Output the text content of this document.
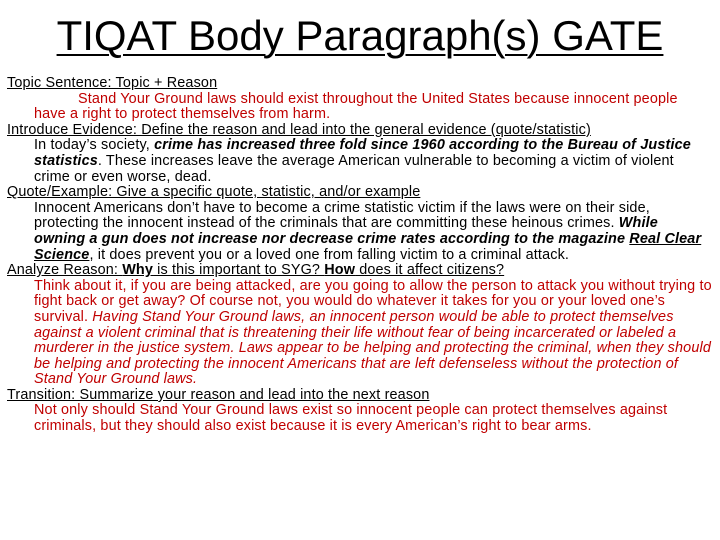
TIQAT Body Paragraph(s) GATE
Topic Sentence: Topic + Reason
Stand Your Ground laws should exist throughout the United States because innocent people have a right to protect themselves from harm.
Introduce Evidence: Define the reason and lead into the general evidence (quote/statistic)
In today’s society, crime has increased three fold since 1960 according to the Bureau of Justice statistics. These increases leave the average American vulnerable to becoming a victim of violent crime or even worse, dead.
Quote/Example: Give a specific quote, statistic, and/or example
Innocent Americans don’t have to become a crime statistic victim if the laws were on their side, protecting the innocent instead of the criminals that are committing these heinous crimes. While owning a gun does not increase nor decrease crime rates according to the magazine Real Clear Science, it does prevent you or a loved one from falling victim to a criminal attack.
Analyze Reason: Why is this important to SYG? How does it affect citizens?
Think about it, if you are being attacked, are you going to allow the person to attack you without trying to fight back or get away? Of course not, you would do whatever it takes for you or your loved one’s survival. Having Stand Your Ground laws, an innocent person would be able to protect themselves against a violent criminal that is threatening their life without fear of being incarcerated or labeled a murderer in the justice system. Laws appear to be helping and protecting the criminal, when they should be helping and protecting the innocent Americans that are left defenseless without the protection of Stand Your Ground laws.
Transition: Summarize your reason and lead into the next reason
Not only should Stand Your Ground laws exist so innocent people can protect themselves against criminals, but they should also exist because it is every American’s right to bear arms.
